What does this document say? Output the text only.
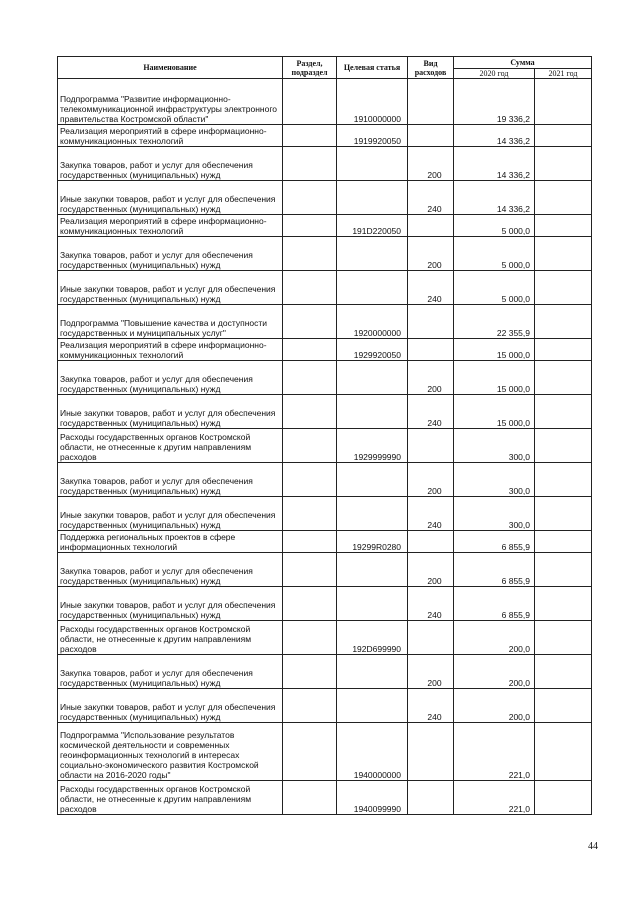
Наименование	Раздел, подраздел	Целевая статья	Вид расходов	Сумма	
				2020 год	2021 год
Подпрограмма "Развитие информационно-телекоммуникационной инфраструктуры электронного правительства Костромской области"		1910000000		19 336,2	
Реализация мероприятий в сфере информационно-коммуникационных технологий		1919920050		14 336,2	
Закупка товаров, работ и услуг для обеспечения государственных (муниципальных) нужд			200	14 336,2	
Иные закупки товаров, работ и услуг для обеспечения государственных (муниципальных) нужд			240	14 336,2	
Реализация мероприятий в сфере информационно-коммуникационных технологий		191D220050		5 000,0	
Закупка товаров, работ и услуг для обеспечения государственных (муниципальных) нужд			200	5 000,0	
Иные закупки товаров, работ и услуг для обеспечения государственных (муниципальных) нужд			240	5 000,0	
Подпрограмма "Повышение качества и доступности государственных и муниципальных услуг"		1920000000		22 355,9	
Реализация мероприятий в сфере информационно-коммуникационных технологий		1929920050		15 000,0	
Закупка товаров, работ и услуг для обеспечения государственных (муниципальных) нужд			200	15 000,0	
Иные закупки товаров, работ и услуг для обеспечения государственных (муниципальных) нужд			240	15 000,0	
Расходы государственных органов Костромской области, не отнесенные к другим направлениям расходов		1929999990		300,0	
Закупка товаров, работ и услуг для обеспечения государственных (муниципальных) нужд			200	300,0	
Иные закупки товаров, работ и услуг для обеспечения государственных (муниципальных) нужд			240	300,0	
Поддержка региональных проектов в сфере информационных технологий		19299R0280		6 855,9	
Закупка товаров, работ и услуг для обеспечения государственных (муниципальных) нужд			200	6 855,9	
Иные закупки товаров, работ и услуг для обеспечения государственных (муниципальных) нужд			240	6 855,9	
Расходы государственных органов Костромской области, не отнесенные к другим направлениям расходов		192D699990		200,0	
Закупка товаров, работ и услуг для обеспечения государственных (муниципальных) нужд			200	200,0	
Иные закупки товаров, работ и услуг для обеспечения государственных (муниципальных) нужд			240	200,0	
Подпрограмма "Использование результатов космической деятельности и современных геоинформационных технологий в интересах социально-экономического развития Костромской области на 2016-2020 годы"		1940000000		221,0	
Расходы государственных органов Костромской области, не отнесенные к другим направлениям расходов		1940099990		221,0	
44
